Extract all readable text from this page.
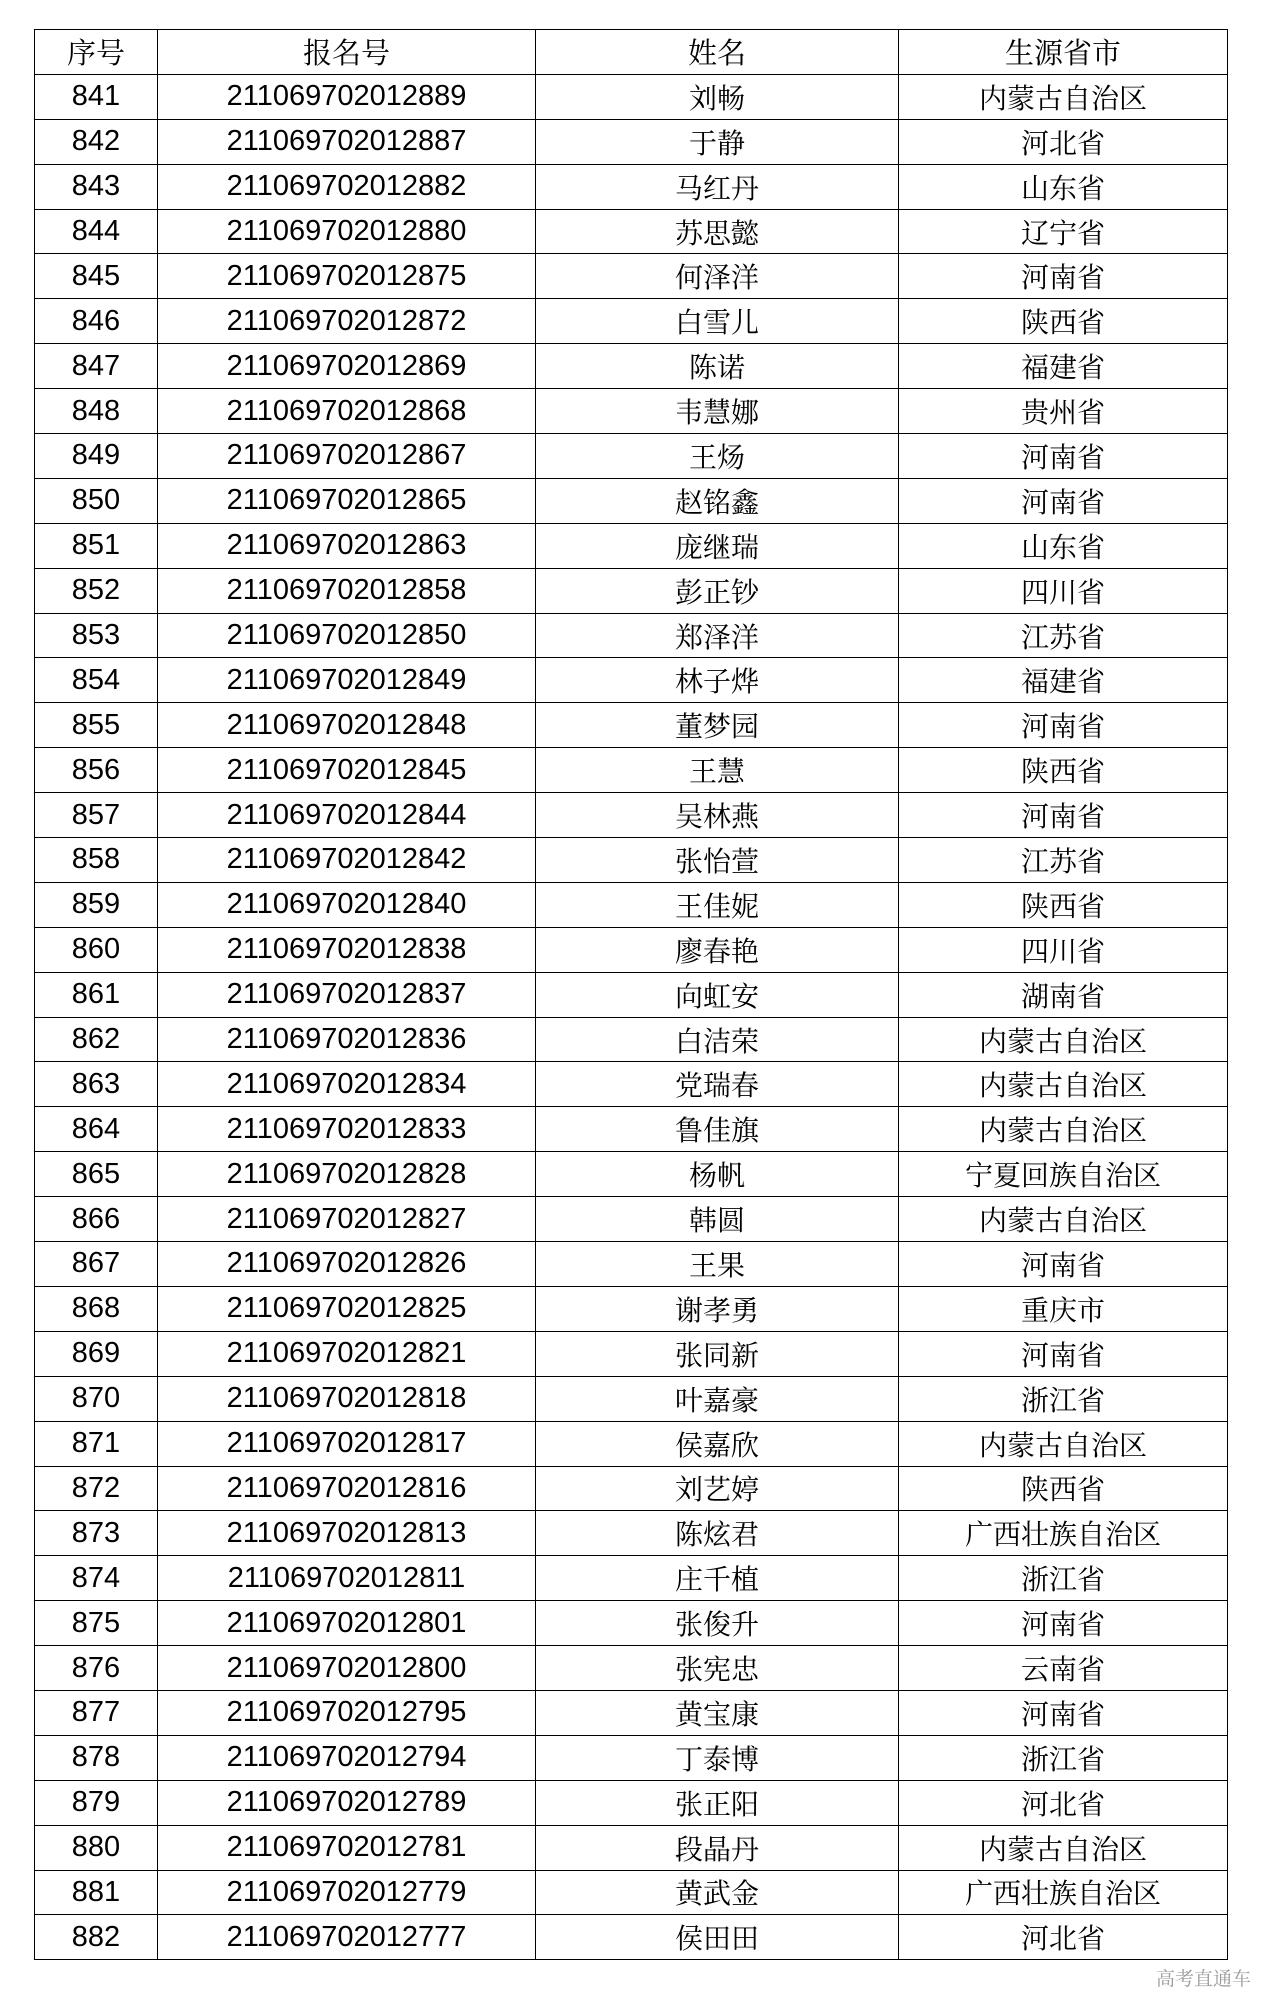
序号	报名号	姓名	生源省市
841	211069702012889	刘畅	内蒙古自治区
842	211069702012887	于静	河北省
843	211069702012882	马红丹	山东省
844	211069702012880	苏思懿	辽宁省
845	211069702012875	何泽洋	河南省
846	211069702012872	白雪儿	陕西省
847	211069702012869	陈诺	福建省
848	211069702012868	韦慧娜	贵州省
849	211069702012867	王炀	河南省
850	211069702012865	赵铭鑫	河南省
851	211069702012863	庞继瑞	山东省
852	211069702012858	彭正钞	四川省
853	211069702012850	郑泽洋	江苏省
854	211069702012849	林子烨	福建省
855	211069702012848	董梦园	河南省
856	211069702012845	王慧	陕西省
857	211069702012844	吴林燕	河南省
858	211069702012842	张怡萱	江苏省
859	211069702012840	王佳妮	陕西省
860	211069702012838	廖春艳	四川省
861	211069702012837	向虹安	湖南省
862	211069702012836	白洁荣	内蒙古自治区
863	211069702012834	党瑞春	内蒙古自治区
864	211069702012833	鲁佳旗	内蒙古自治区
865	211069702012828	杨帆	宁夏回族自治区
866	211069702012827	韩圆	内蒙古自治区
867	211069702012826	王果	河南省
868	211069702012825	谢孝勇	重庆市
869	211069702012821	张同新	河南省
870	211069702012818	叶嘉豪	浙江省
871	211069702012817	侯嘉欣	内蒙古自治区
872	211069702012816	刘艺婷	陕西省
873	211069702012813	陈炫君	广西壮族自治区
874	211069702012811	庄千植	浙江省
875	211069702012801	张俊升	河南省
876	211069702012800	张宪忠	云南省
877	211069702012795	黄宝康	河南省
878	211069702012794	丁泰博	浙江省
879	211069702012789	张正阳	河北省
880	211069702012781	段晶丹	内蒙古自治区
881	211069702012779	黄武金	广西壮族自治区
882	211069702012777	侯田田	河北省
高考直通车
